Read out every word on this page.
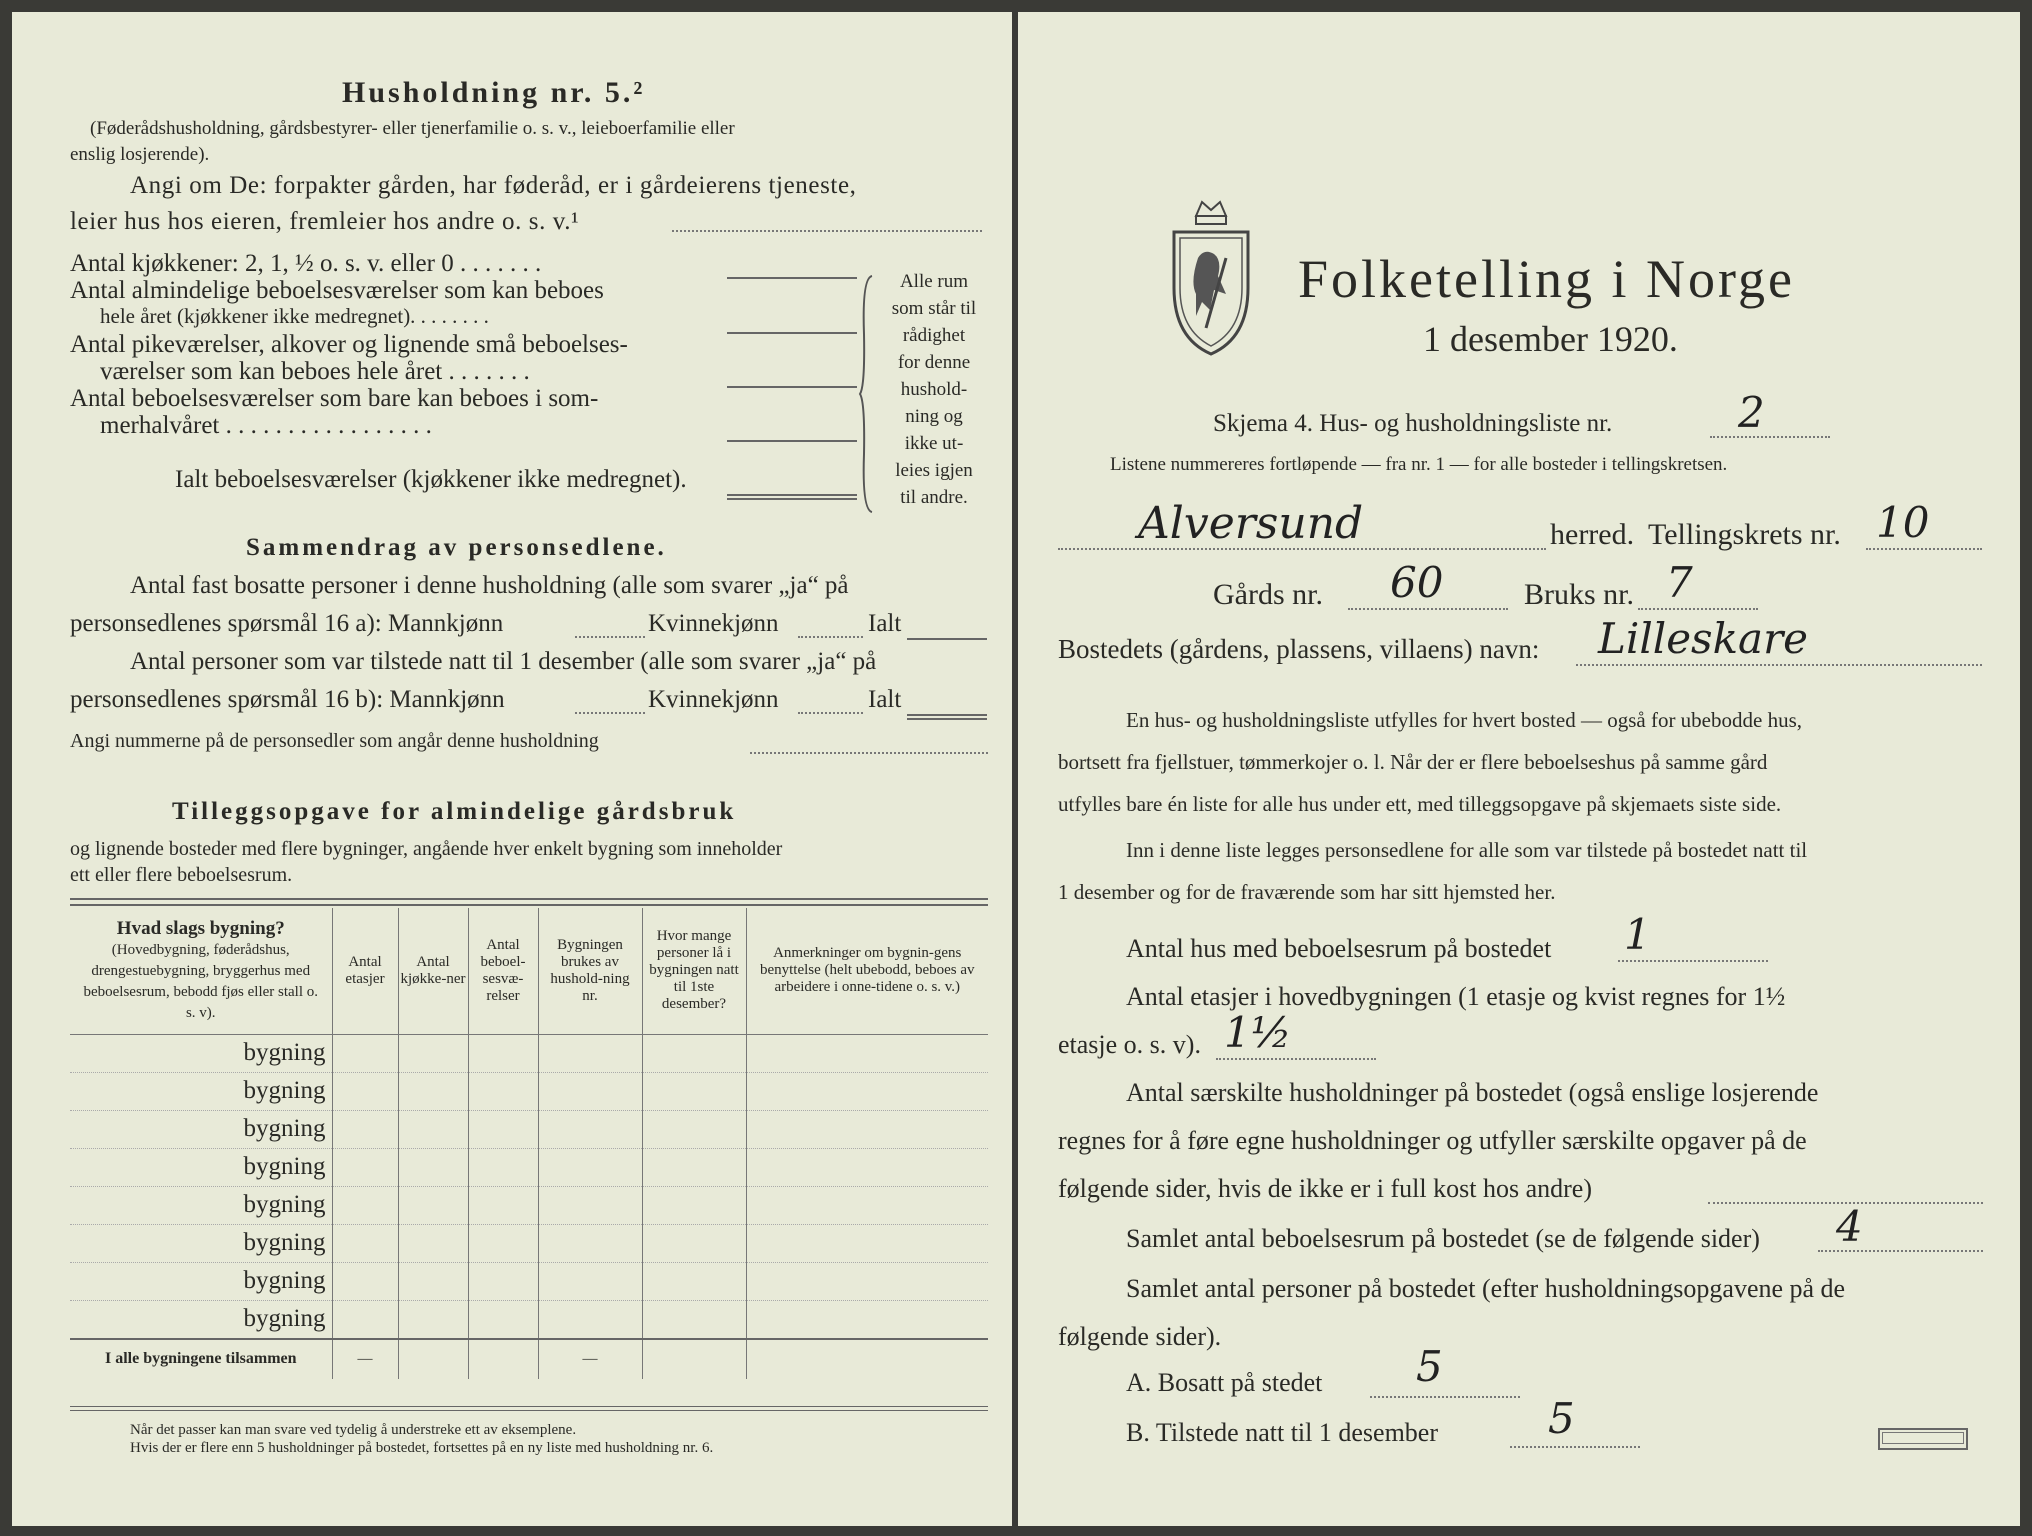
Husholdning nr. 5.²
(Føderådshusholdning, gårdsbestyrer- eller tjenerfamilie o. s. v., leieboerfamilie eller
enslig losjerende).
Angi om De: forpakter gården, har føderåd, er i gårdeierens tjeneste,
leier hus hos eieren, fremleier hos andre o. s. v.¹
Antal kjøkkener: 2, 1, ½ o. s. v. eller 0 . . . . . . .
Antal almindelige beboelsesværelser som kan beboes
hele året (kjøkkener ikke medregnet). . . . . . . .
Antal pikeværelser, alkover og lignende små beboelses-
værelser som kan beboes hele året . . . . . . .
Antal beboelsesværelser som bare kan beboes i som-
merhalvåret . . . . . . . . . . . . . . . . .
Ialt beboelsesværelser (kjøkkener ikke medregnet).
Alle rum
som står til
rådighet
for denne
hushold-
ning og
ikke ut-
leies igjen
til andre.
Sammendrag av personsedlene.
Antal fast bosatte personer i denne husholdning (alle som svarer „ja“ på
personsedlenes spørsmål 16 a): Mannkjønn	Kvinnekjønn	Ialt
Antal personer som var tilstede natt til 1 desember (alle som svarer „ja“ på
personsedlenes spørsmål 16 b): Mannkjønn	Kvinnekjønn	Ialt
Angi nummerne på de personsedler som angår denne husholdning
Tilleggsopgave for almindelige gårdsbruk
og lignende bosteder med flere bygninger, angående hver enkelt bygning som inneholder
ett eller flere beboelsesrum.
Hvad slags bygning?
(Hovedbygning, føderådshus, drengestuebygning, bryggerhus med beboelsesrum, bebodd fjøs eller stall o. s. v).	Antal etasjer	Antal kjøkke-ner	Antal beboel-sesvæ-relser	Bygningen brukes av hushold-ning nr.	Hvor mange personer lå i bygningen natt til 1ste desember?	Anmerkninger om bygnin-gens benyttelse (helt ubebodd, beboes av arbeidere i onne-tidene o. s. v.)
bygning						
bygning						
bygning						
bygning						
bygning						
bygning						
bygning						
bygning						
I alle bygningene tilsammen	—			—		
Når det passer kan man svare ved tydelig å understreke ett av eksemplene.
Hvis der er flere enn 5 husholdninger på bostedet, fortsettes på en ny liste med husholdning nr. 6.
Folketelling i Norge
1 desember 1920.
Skjema 4. Hus- og husholdningsliste nr.	2
Listene nummereres fortløpende — fra nr. 1 — for alle bosteder i tellingskretsen.
Alversund	herred. Tellingskrets nr. 10
Gårds nr. 60	Bruks nr. 7
Bostedets (gårdens, plassens, villaens) navn: Lilleskare
En hus- og husholdningsliste utfylles for hvert bosted — også for ubebodde hus,
bortsett fra fjellstuer, tømmerkojer o. l. Når der er flere beboelseshus på samme gård
utfylles bare én liste for alle hus under ett, med tilleggsopgave på skjemaets siste side.
Inn i denne liste legges personsedlene for alle som var tilstede på bostedet natt til
1 desember og for de fraværende som har sitt hjemsted her.
Antal hus med beboelsesrum på bostedet 1
Antal etasjer i hovedbygningen (1 etasje og kvist regnes for 1½
etasje o. s. v). 1½
Antal særskilte husholdninger på bostedet (også enslige losjerende
regnes for å føre egne husholdninger og utfyller særskilte opgaver på de
følgende sider, hvis de ikke er i full kost hos andre)
Samlet antal beboelsesrum på bostedet (se de følgende sider) 4
Samlet antal personer på bostedet (efter husholdningsopgavene på de
følgende sider).
A. Bosatt på stedet 5
B. Tilstede natt til 1 desember	5
